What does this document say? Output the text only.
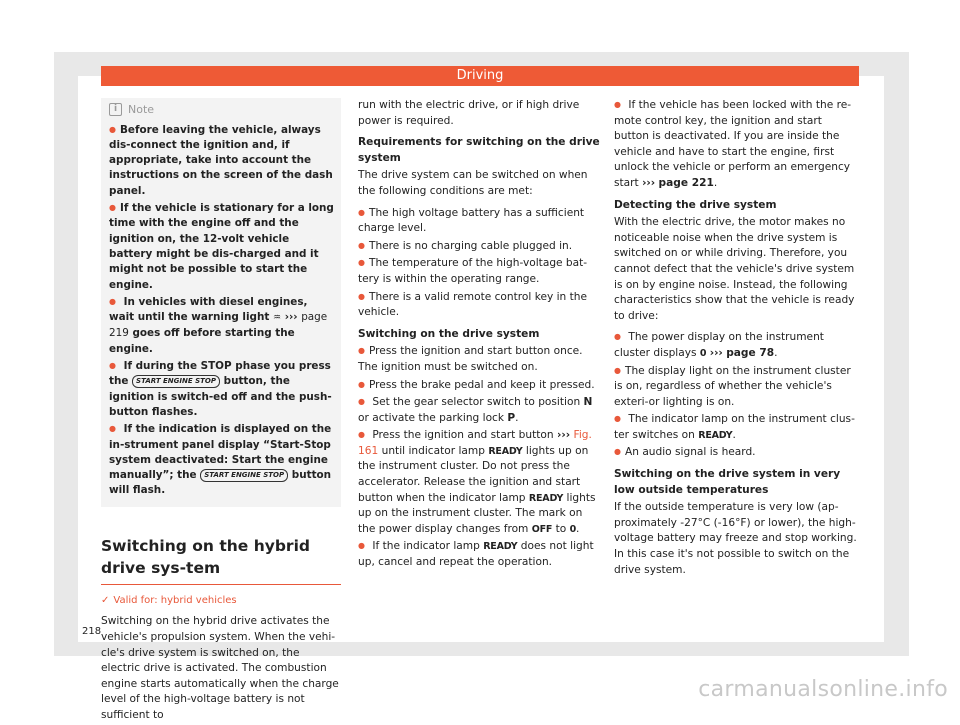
Driving
i Note

● Before leaving the vehicle, always dis-connect the ignition and, if appropriate, take into account the instructions on the screen of the dash panel.

● If the vehicle is stationary for a long time with the engine off and the ignition on, the 12-volt vehicle battery might be dis-charged and it might not be possible to start the engine.

● In vehicles with diesel engines, wait until the warning light ♒ ››› page 219 goes off before starting the engine.

● If during the STOP phase you press the START ENGINE STOP button, the ignition is switch-ed off and the push-button flashes.

● If the indication is displayed on the in-strument panel display “Start-Stop system deactivated: Start the engine manually”; the START ENGINE STOP button will flash.

Switching on the hybrid drive sys-tem
✓ Valid for: hybrid vehicles

Switching on the hybrid drive activates the vehicle's propulsion system. When the vehi-cle's drive system is switched on, the electric drive is activated. The combustion engine starts automatically when the charge level of the high-voltage battery is not sufficient to

run with the electric drive, or if high drive power is required.

Requirements for switching on the drive system

The drive system can be switched on when the following conditions are met:

● The high voltage battery has a sufficient charge level.

● There is no charging cable plugged in.

● The temperature of the high-voltage bat-tery is within the operating range.

● There is a valid remote control key in the vehicle.

Switching on the drive system

● Press the ignition and start button once. The ignition must be switched on.

● Press the brake pedal and keep it pressed.

● Set the gear selector switch to position N or activate the parking lock P.

● Press the ignition and start button ››› Fig. 161 until indicator lamp READY lights up on the instrument cluster. Do not press the accelerator. Release the ignition and start button when the indicator lamp READY lights up on the instrument cluster. The mark on the power display changes from OFF to 0.

● If the indicator lamp READY does not light up, cancel and repeat the operation.

● If the vehicle has been locked with the re-mote control key, the ignition and start button is deactivated. If you are inside the vehicle and have to start the engine, first unlock the vehicle or perform an emergency start ››› page 221.

Detecting the drive system

With the electric drive, the motor makes no noticeable noise when the drive system is switched on or while driving. Therefore, you cannot defect that the vehicle's drive system is on by engine noise. Instead, the following characteristics show that the vehicle is ready to drive:

● The power display on the instrument cluster displays 0 ››› page 78.

● The display light on the instrument cluster is on, regardless of whether the vehicle's exteri-or lighting is on.

● The indicator lamp on the instrument clus-ter switches on READY.

● An audio signal is heard.

Switching on the drive system in very low outside temperatures

If the outside temperature is very low (ap-proximately -27°C (-16°F) or lower), the high-voltage battery may freeze and stop working. In this case it's not possible to switch on the drive system.

218
carmanualsonline.info
